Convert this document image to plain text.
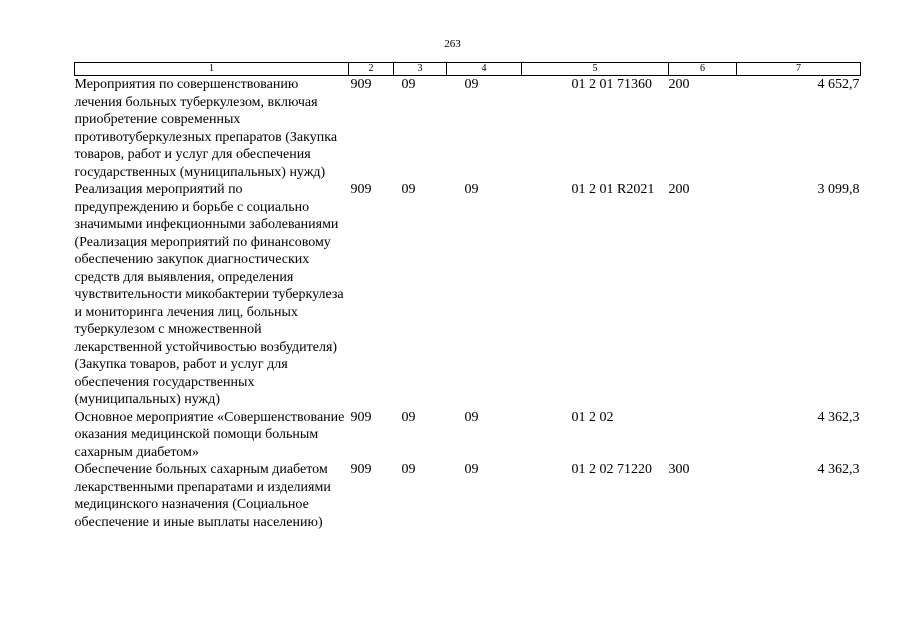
263
1	2	3	4	5	6	7
Мероприятия по совершенствованию лечения больных туберкулезом, включая приобретение современных противотуберкулезных препаратов (Закупка товаров, работ и услуг для обеспечения государственных (муниципальных) нужд)	909	09	09	01 2 01 71360	200	4 652,7
Реализация мероприятий по предупреждению и борьбе с социально значимыми инфекционными заболеваниями (Реализация мероприятий по финансовому обеспечению закупок диагностических средств для выявления, определения чувствительности микобактерии туберкулеза и мониторинга лечения лиц, больных туберкулезом с множественной лекарственной устойчивостью возбудителя) (Закупка товаров, работ и услуг для обеспечения государственных (муниципальных) нужд)	909	09	09	01 2 01 R2021	200	3 099,8
Основное мероприятие «Совершенствование оказания медицинской помощи больным сахарным диабетом»	909	09	09	01 2 02		4 362,3
Обеспечение больных сахарным диабетом лекарственными препаратами и изделиями медицинского назначения (Социальное обеспечение и иные выплаты населению)	909	09	09	01 2 02 71220	300	4 362,3
